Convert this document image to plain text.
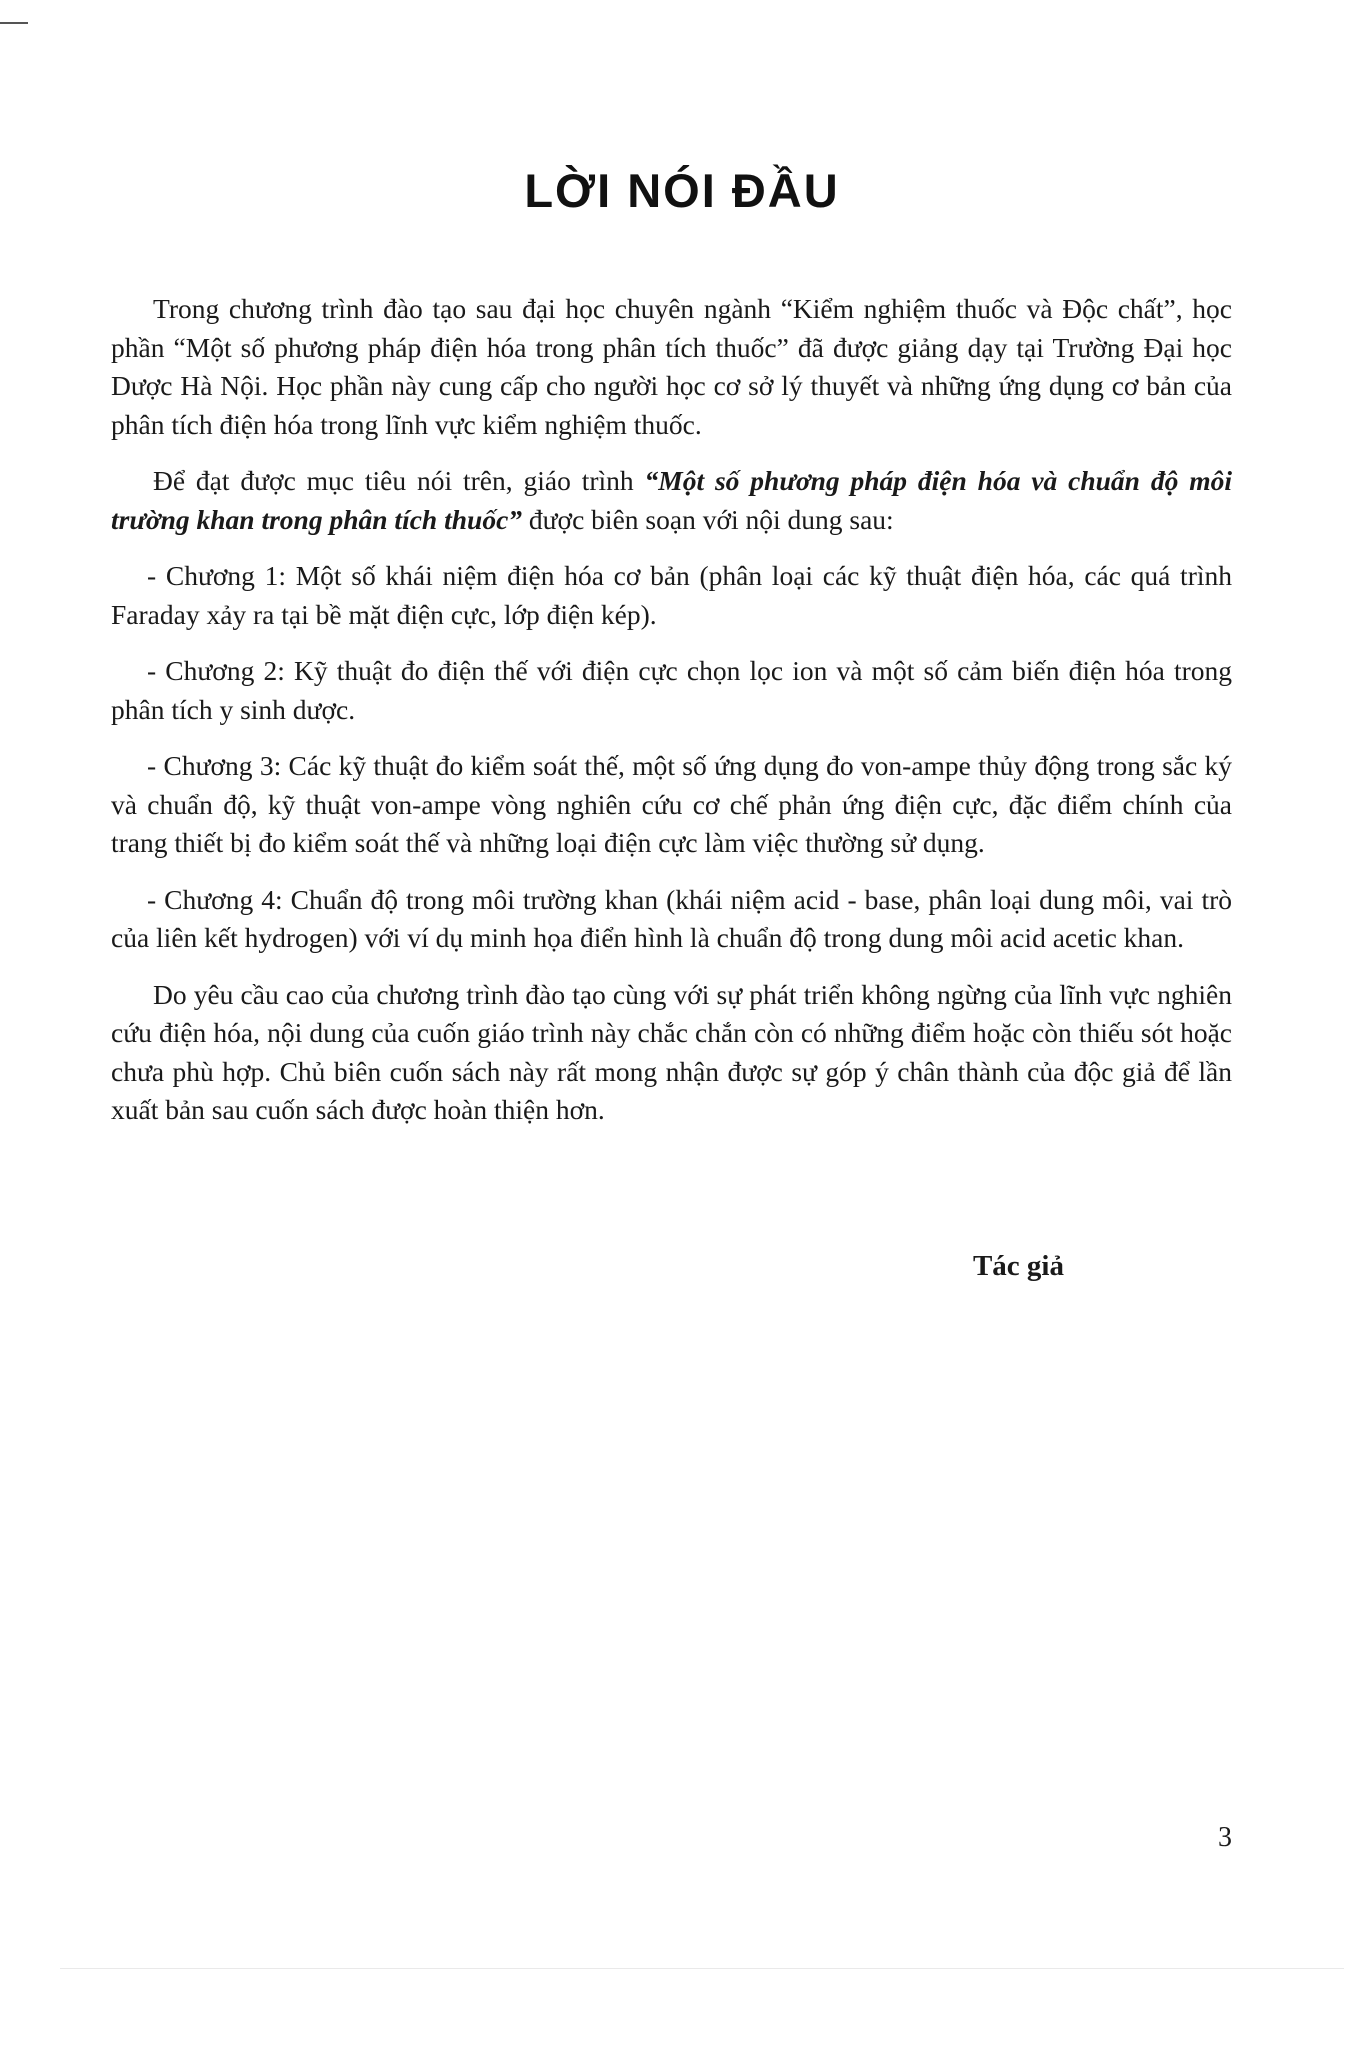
LỜI NÓI ĐẦU

Trong chương trình đào tạo sau đại học chuyên ngành “Kiểm nghiệm thuốc và Độc chất”, học phần “Một số phương pháp điện hóa trong phân tích thuốc” đã được giảng dạy tại Trường Đại học Dược Hà Nội. Học phần này cung cấp cho người học cơ sở lý thuyết và những ứng dụng cơ bản của phân tích điện hóa trong lĩnh vực kiểm nghiệm thuốc.

Để đạt được mục tiêu nói trên, giáo trình “Một số phương pháp điện hóa và chuẩn độ môi trường khan trong phân tích thuốc” được biên soạn với nội dung sau:

- Chương 1: Một số khái niệm điện hóa cơ bản (phân loại các kỹ thuật điện hóa, các quá trình Faraday xảy ra tại bề mặt điện cực, lớp điện kép).

- Chương 2: Kỹ thuật đo điện thế với điện cực chọn lọc ion và một số cảm biến điện hóa trong phân tích y sinh dược.

- Chương 3: Các kỹ thuật đo kiểm soát thế, một số ứng dụng đo von-ampe thủy động trong sắc ký và chuẩn độ, kỹ thuật von-ampe vòng nghiên cứu cơ chế phản ứng điện cực, đặc điểm chính của trang thiết bị đo kiểm soát thế và những loại điện cực làm việc thường sử dụng.

- Chương 4: Chuẩn độ trong môi trường khan (khái niệm acid - base, phân loại dung môi, vai trò của liên kết hydrogen) với ví dụ minh họa điển hình là chuẩn độ trong dung môi acid acetic khan.

Do yêu cầu cao của chương trình đào tạo cùng với sự phát triển không ngừng của lĩnh vực nghiên cứu điện hóa, nội dung của cuốn giáo trình này chắc chắn còn có những điểm hoặc còn thiếu sót hoặc chưa phù hợp. Chủ biên cuốn sách này rất mong nhận được sự góp ý chân thành của độc giả để lần xuất bản sau cuốn sách được hoàn thiện hơn.

Tác giả
3
